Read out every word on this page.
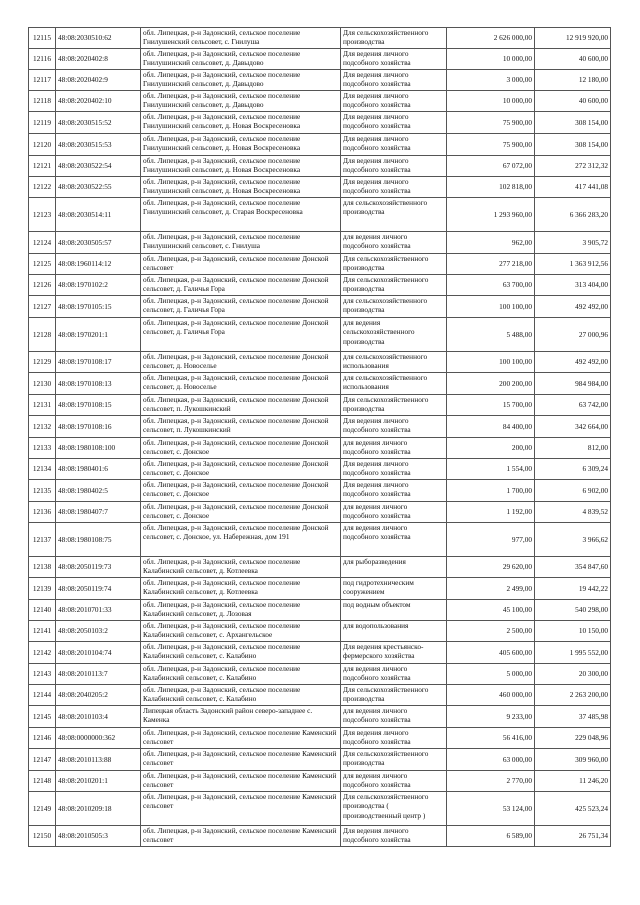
12115	48:08:2030510:62	обл. Липецкая, р-н Задонский, сельское поселение Гнилушенский сельсовет, с. Гнилуша	Для сельскохозяйственного производства	2 626 000,00	12 919 920,00
12116	48:08:2020402:8	обл. Липецкая, р-н Задонский, сельское поселение Гнилушинский сельсовет, д. Давыдово	Для ведения личного подсобного хозяйства	10 000,00	40 600,00
12117	48:08:2020402:9	обл. Липецкая, р-н Задонский, сельское поселение Гнилушинский сельсовет, д. Давыдово	Для ведения личного подсобного хозяйства	3 000,00	12 180,00
12118	48:08:2020402:10	обл. Липецкая, р-н Задонский, сельское поселение Гнилушинский сельсовет, д. Давыдово	Для ведения личного подсобного хозяйства	10 000,00	40 600,00
12119	48:08:2030515:52	обл. Липецкая, р-н Задонский, сельское поселение Гнилушинский сельсовет, д. Новая Воскресеновка	Для ведения личного подсобного хозяйства	75 900,00	308 154,00
12120	48:08:2030515:53	обл. Липецкая, р-н Задонский, сельское поселение Гнилушинский сельсовет, д. Новая Воскресеновка	Для ведения личного подсобного хозяйства	75 900,00	308 154,00
12121	48:08:2030522:54	обл. Липецкая, р-н Задонский, сельское поселение Гнилушинский сельсовет, д. Новая Воскресеновка	Для ведения личного подсобного хозяйства	67 072,00	272 312,32
12122	48:08:2030522:55	обл. Липецкая, р-н Задонский, сельское поселение Гнилушинский сельсовет, д. Новая Воскресеновка	Для ведения личного подсобного хозяйства	102 818,00	417 441,08
12123	48:08:2030514:11	обл. Липецкая, р-н Задонский, сельское поселение Гнилушинский сельсовет, д. Старая Воскресеновка	для сельскохозяйственного производства	1 293 960,00	6 366 283,20
12124	48:08:2030505:57	обл. Липецкая, р-н Задонский, сельское поселение Гнилушинский сельсовет, с. Гнилуша	для ведения личного подсобного хозяйства	962,00	3 905,72
12125	48:08:1960114:12	обл. Липецкая, р-н Задонский, сельское поселение Донской сельсовет	Для сельскохозяйственного производства	277 218,00	1 363 912,56
12126	48:08:1970102:2	обл. Липецкая, р-н Задонский, сельское поселение Донской сельсовет, д. Галичья Гора	Для сельскохозяйственного производства	63 700,00	313 404,00
12127	48:08:1970105:15	обл. Липецкая, р-н Задонский, сельское поселение Донской сельсовет, д. Галичья Гора	для сельскохозяйственного производства	100 100,00	492 492,00
12128	48:08:1970201:1	обл. Липецкая, р-н Задонский, сельское поселение Донской сельсовет, д. Галичья Гора	для ведения сельскохозяйственного производства	5 488,00	27 000,96
12129	48:08:1970108:17	обл. Липецкая, р-н Задонский, сельское поселение Донской сельсовет, д. Новоселье	для сельскохозяйственного использования	100 100,00	492 492,00
12130	48:08:1970108:13	обл. Липецкая, р-н Задонский, сельское поселение Донской сельсовет, д. Новоселье	для сельскохозяйственного использования	200 200,00	984 984,00
12131	48:08:1970108:15	обл. Липецкая, р-н Задонский, сельское поселение Донской сельсовет, п. Лукошкинский	Для сельскохозяйственного производства	15 700,00	63 742,00
12132	48:08:1970108:16	обл. Липецкая, р-н Задонский, сельское поселение Донской сельсовет, п. Лукошкинский	Для ведения личного подсобного хозяйства	84 400,00	342 664,00
12133	48:08:1980108:100	обл. Липецкая, р-н Задонский, сельское поселение Донской сельсовет, с. Донское	для ведения личного подсобного хозяйства	200,00	812,00
12134	48:08:1980401:6	обл. Липецкая, р-н Задонский, сельское поселение Донской сельсовет, с. Донское	Для ведения личного подсобного хозяйства	1 554,00	6 309,24
12135	48:08:1980402:5	обл. Липецкая, р-н Задонский, сельское поселение Донской сельсовет, с. Донское	Для ведения личного подсобного хозяйства	1 700,00	6 902,00
12136	48:08:1980407:7	обл. Липецкая, р-н Задонский, сельское поселение Донской сельсовет, с. Донское	для ведения личного подсобного хозяйства	1 192,00	4 839,52
12137	48:08:1980108:75	обл. Липецкая, р-н Задонский, сельское поселение Донской сельсовет, с. Донское, ул. Набережная, дом 191	для ведения личного подсобного хозяйства	977,00	3 966,62
12138	48:08:2050119:73	обл. Липецкая, р-н Задонский, сельское поселение Калабинский сельсовет, д. Котлеевка	для рыборазведения	29 620,00	354 847,60
12139	48:08:2050119:74	обл. Липецкая, р-н Задонский, сельское поселение Калабинский сельсовет, д. Котлеевка	под гидротехническим сооружением	2 499,00	19 442,22
12140	48:08:2010701:33	обл. Липецкая, р-н Задонский, сельское поселение Калабинский сельсовет, д. Лозовая	под водным объектом	45 100,00	540 298,00
12141	48:08:2050103:2	обл. Липецкая, р-н Задонский, сельское поселение Калабинский сельсовет, с. Архангельское	для водопользования	2 500,00	10 150,00
12142	48:08:2010104:74	обл. Липецкая, р-н Задонский, сельское поселение Калабинский сельсовет, с. Калабино	Для ведения крестьянско-фермерского хозяйства	405 600,00	1 995 552,00
12143	48:08:2010113:7	обл. Липецкая, р-н Задонский, сельское поселение Калабинский сельсовет, с. Калабино	для ведения личного подсобного хозяйства	5 000,00	20 300,00
12144	48:08:2040205:2	обл. Липецкая, р-н Задонский, сельское поселение Калабинский сельсовет, с. Калабино	Для сельскохозяйственного производства	460 000,00	2 263 200,00
12145	48:08:2010103:4	Липецкая область Задонский район северо-западнее с. Каменка	для ведения личного подсобного хозяйства	9 233,00	37 485,98
12146	48:08:0000000:362	обл. Липецкая, р-н Задонский, сельское поселение Каменский сельсовет	Для ведения личного подсобного хозяйства	56 416,00	229 048,96
12147	48:08:2010113:88	обл. Липецкая, р-н Задонский, сельское поселение Каменский сельсовет	Для сельскохозяйственного производства	63 000,00	309 960,00
12148	48:08:2010201:1	обл. Липецкая, р-н Задонский, сельское поселение Каменский сельсовет	для ведения личного подсобного хозяйства	2 770,00	11 246,20
12149	48:08:2010209:18	обл. Липецкая, р-н Задонский, сельское поселение Каменский сельсовет	Для сельскохозяйственного производства ( производственный центр )	53 124,00	425 523,24
12150	48:08:2010505:3	обл. Липецкая, р-н Задонский, сельское поселение Каменский сельсовет	Для ведения личного подсобного хозяйства	6 589,00	26 751,34
